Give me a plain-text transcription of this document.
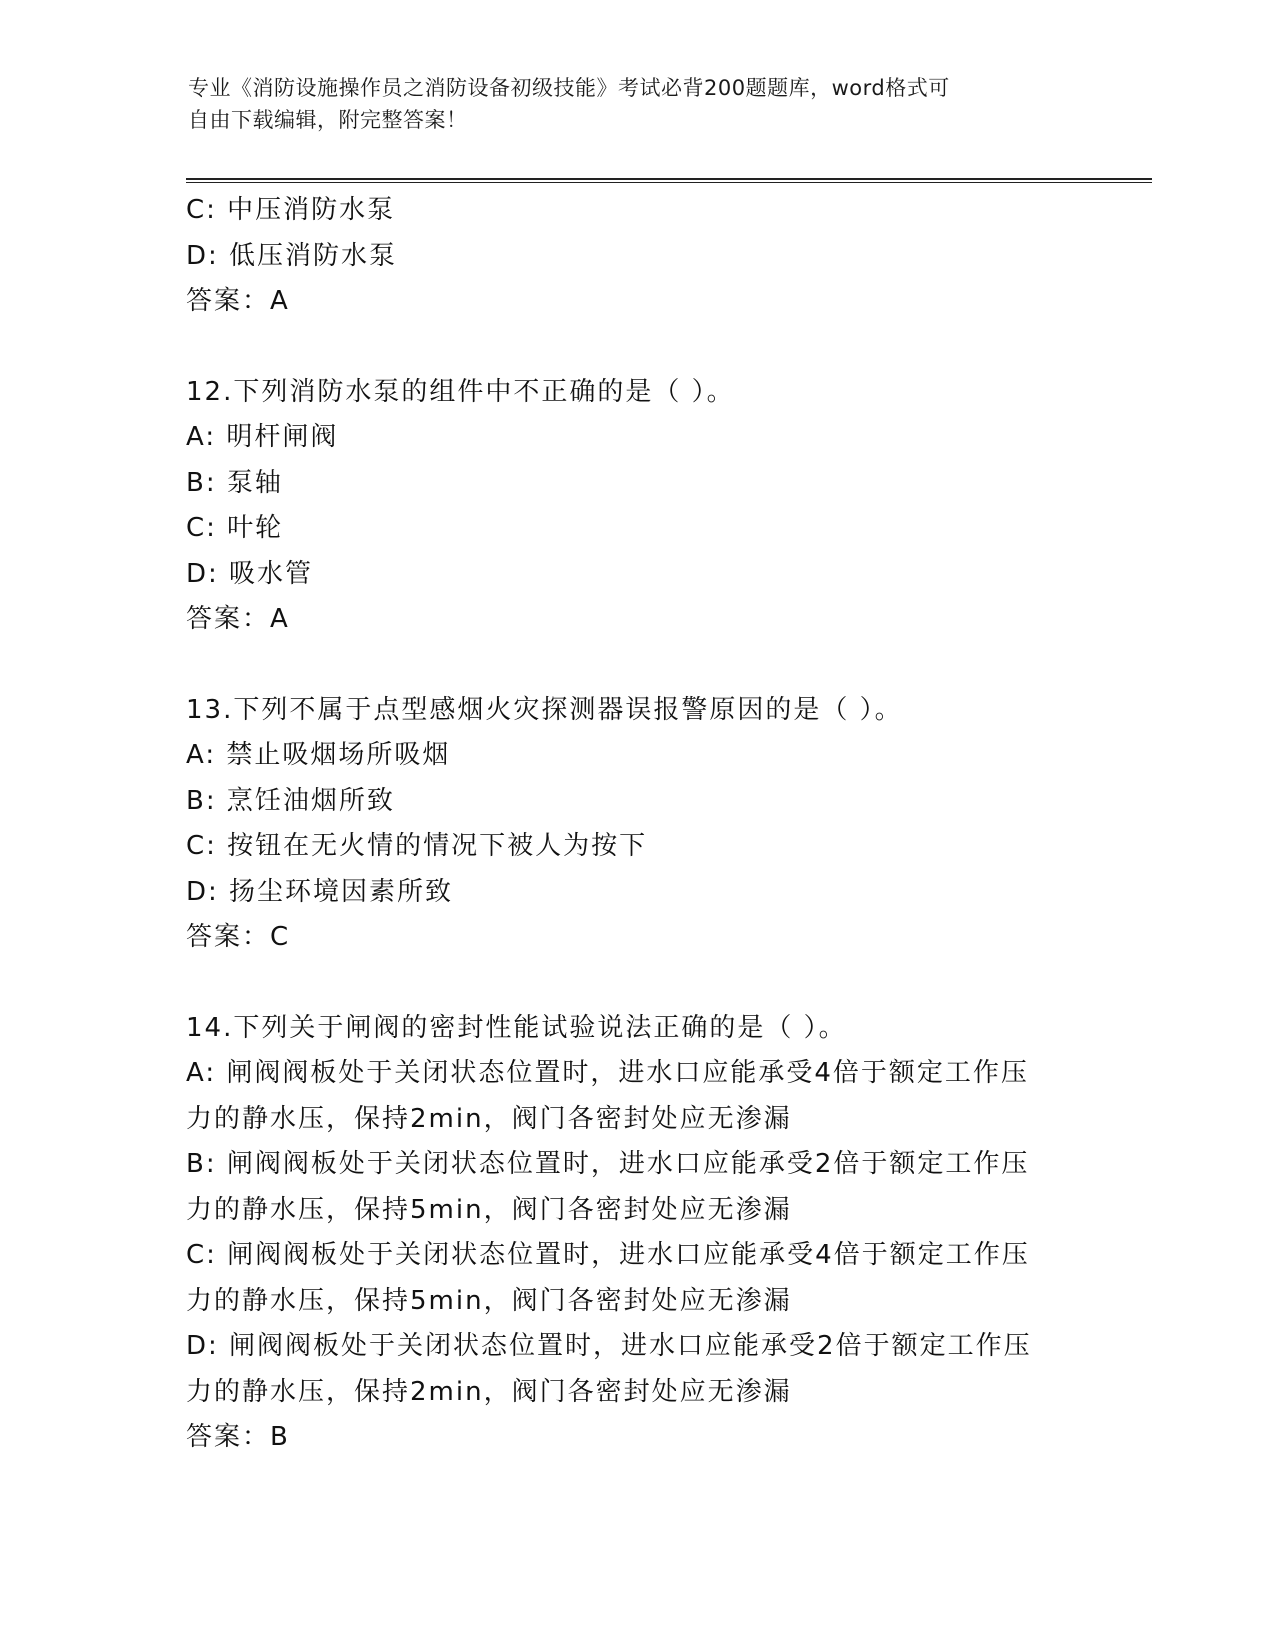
专业《消防设施操作员之消防设备初级技能》考试必背200题题库，word格式可
自由下载编辑，附完整答案！
C: 中压消防水泵
D: 低压消防水泵
答案：A
12.下列消防水泵的组件中不正确的是（ ）。
A: 明杆闸阀
B: 泵轴
C: 叶轮
D: 吸水管
答案：A
13.下列不属于点型感烟火灾探测器误报警原因的是（ ）。
A: 禁止吸烟场所吸烟
B: 烹饪油烟所致
C: 按钮在无火情的情况下被人为按下
D: 扬尘环境因素所致
答案：C
14.下列关于闸阀的密封性能试验说法正确的是（ ）。
A: 闸阀阀板处于关闭状态位置时，进水口应能承受4倍于额定工作压
力的静水压，保持2min，阀门各密封处应无渗漏
B: 闸阀阀板处于关闭状态位置时，进水口应能承受2倍于额定工作压
力的静水压，保持5min，阀门各密封处应无渗漏
C: 闸阀阀板处于关闭状态位置时，进水口应能承受4倍于额定工作压
力的静水压，保持5min，阀门各密封处应无渗漏
D: 闸阀阀板处于关闭状态位置时，进水口应能承受2倍于额定工作压
力的静水压，保持2min，阀门各密封处应无渗漏
答案：B
